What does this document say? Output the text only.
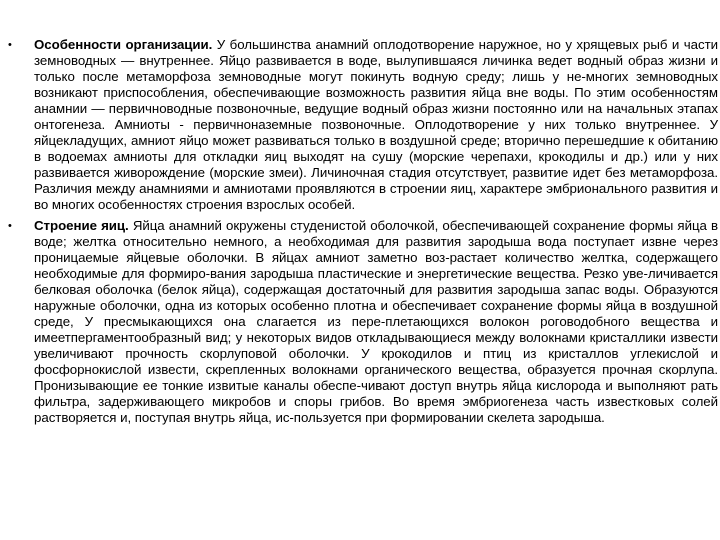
• Особенности организации. У большинства анамний оплодотворение наружное, но у хрящевых рыб и части земноводных — внутреннее. Яйцо развивается в воде, вылупившаяся личинка ведет водный образ жизни и только после метаморфоза земноводные могут покинуть водную среду; лишь у не-многих земноводных возникают приспособления, обеспечивающие возможность развития яйца вне воды. По этим особенностям анамнии — первичноводные позвоночные, ведущие водный образ жизни постоянно или на начальных этапах онтогенеза. Амниоты - первичноназемные позвоночные. Оплодотворение у них только внутреннее. У яйцекладущих, амниот яйцо может развиваться только в воздушной среде; вторично перешедшие к обитанию в водоемах амниоты для откладки яиц выходят на сушу (морские черепахи, крокодилы и др.) или у них развивается живорождение (морские змеи). Личиночная стадия отсутствует, развитие идет без метаморфоза. Различия между анамниями и амниотами проявляются в строении яиц, характере эмбрионального развития и во многих особенностях строения взрослых особей.
• Строение яиц. Яйца анамний окружены студенистой оболочкой, обеспечивающей сохранение формы яйца в воде; желтка относительно немного, а необходимая для развития зародыша вода поступает извне через проницаемые яйцевые оболочки. В яйцах амниот заметно воз-растает количество желтка, содержащего необходимые для формиро-вания зародыша пластические и энергетические вещества. Резко уве-личивается белковая оболочка (белок яйца), содержащая достаточный для развития зародыша запас воды. Образуются наружные оболочки, одна из которых особенно плотна и обеспечивает сохранение формы яйца в воздушной среде, У пресмыкающихся она слагается из пере-плетающихся волокон роговодобного вещества и имеетпергаментообразный вид; у некоторых видов откладывающиеся между волокнами кристаллики извести увеличивают прочность скорлуповой оболочки. У крокодилов и птиц из кристаллов углекислой и фосфорнокислой извести, скрепленных волокнами органического вещества, образуется прочная скорлупа. Пронизывающие ее тонкие извитые каналы обеспе-чивают доступ внутрь яйца кислорода и выполняют рать фильтра, задерживающего микробов и споры грибов. Во время эмбриогенеза часть известковых солей растворяется и, поступая внутрь яйца, ис-пользуется при формировании скелета зародыша.
